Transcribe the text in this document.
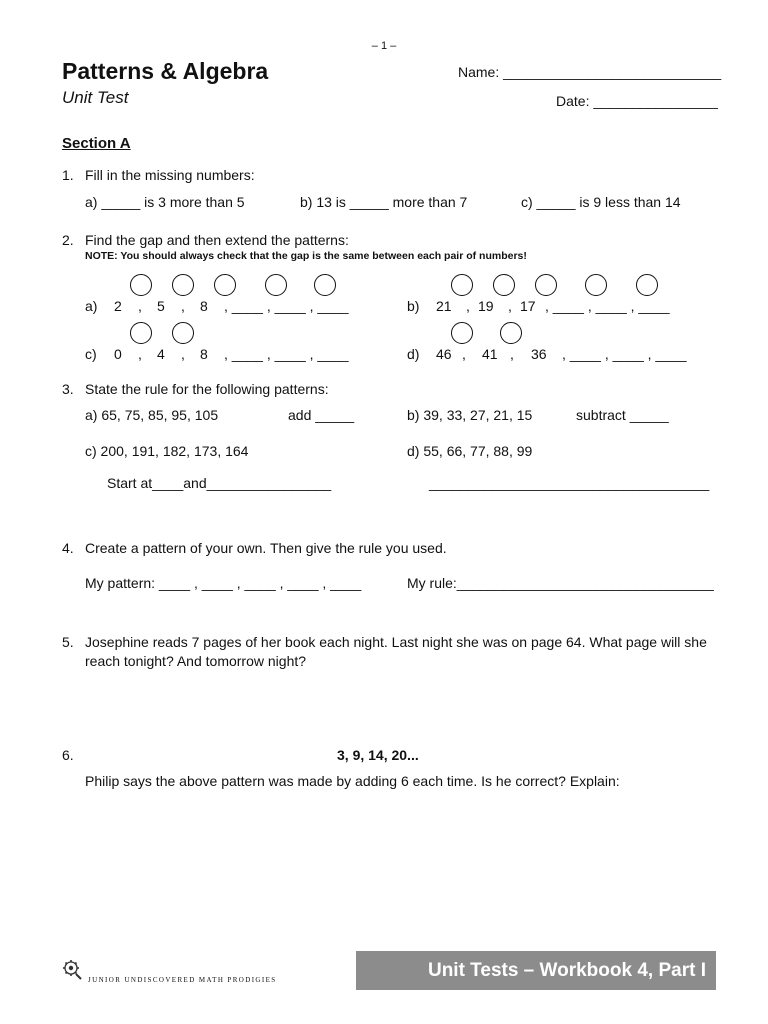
– 1 –
Patterns & Algebra
Unit Test
Name: ____________________________
Date: ________________
Section A
1. Fill in the missing numbers:
a) _____ is 3 more than 5	b) 13 is _____ more than 7	c) _____ is 9 less than 14
2. Find the gap and then extend the patterns:
NOTE: You should always check that the gap is the same between each pair of numbers!
a) 2 , 5 , 8 , ____ , ____ , ____	b) 21 , 19 , 17 , ____ , ____ , ____
c) 0 , 4 , 8 , ____ , ____ , ____	d) 46 , 41 , 36 , ____ , ____ , ____
3. State the rule for the following patterns:
a) 65, 75, 85, 95, 105	add _____	b) 39, 33, 27, 21, 15	subtract _____
c) 200, 191, 182, 173, 164	d) 55, 66, 77, 88, 99
Start at____and________________	____________________________________
4. Create a pattern of your own. Then give the rule you used.
My pattern: ____ , ____ , ____ , ____ , ____	My rule:_________________________________
5. Josephine reads 7 pages of her book each night. Last night she was on page 64. What page will she
reach tonight? And tomorrow night?
6.	3, 9, 14, 20...
Philip says the above pattern was made by adding 6 each time. Is he correct? Explain:
JUNIOR UNDISCOVERED MATH PRODIGIES	Unit Tests – Workbook 4, Part I
